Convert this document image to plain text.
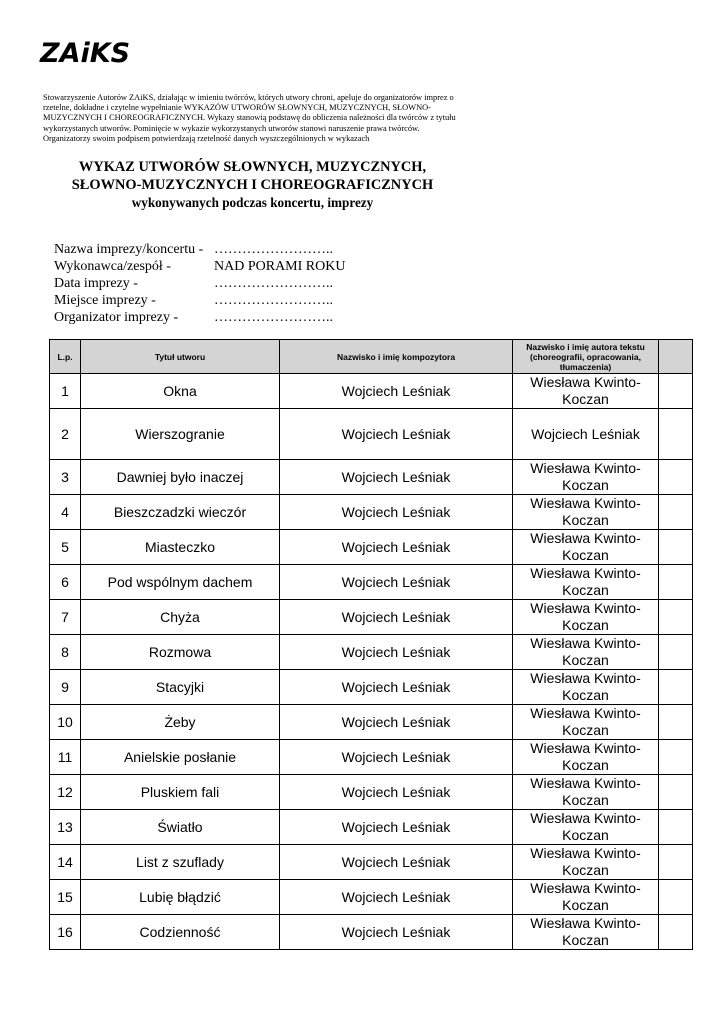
ZAiKS
Stowarzyszenie Autorów ZAiKS, działając w imieniu twórców, których utwory chroni, apeluje do organizatorów imprez o rzetelne, dokładne i czytelne wypełnianie WYKAZÓW UTWORÓW SŁOWNYCH, MUZYCZNYCH, SŁOWNO-MUZYCZNYCH I CHOREOGRAFICZNYCH. Wykazy stanowią podstawę do obliczenia należności dla twórców z tytułu wykorzystanych utworów. Pominięcie w wykazie wykorzystanych utworów stanowi naruszenie prawa twórców. Organizatorzy swoim podpisem potwierdzają rzetelność danych wyszczególnionych w wykazach
WYKAZ UTWORÓW SŁOWNYCH, MUZYCZNYCH,
SŁOWNO-MUZYCZNYCH I CHOREOGRAFICZNYCH
wykonywanych podczas koncertu, imprezy
Nazwa imprezy/koncertu - ……………………..
Wykonawca/zespół -	NAD PORAMI ROKU
Data imprezy -	……………………..
Miejsce imprezy -	……………………..
Organizator imprezy -	……………………..
L.p.	Tytuł utworu	Nazwisko i imię kompozytora	Nazwisko i imię autora tekstu (choreografii, opracowania, tłumaczenia)	
1	Okna	Wojciech Leśniak	Wiesława Kwinto-Koczan	
2	Wierszogranie	Wojciech Leśniak	Wojciech Leśniak	
3	Dawniej było inaczej	Wojciech Leśniak	Wiesława Kwinto-Koczan	
4	Bieszczadzki wieczór	Wojciech Leśniak	Wiesława Kwinto-Koczan	
5	Miasteczko	Wojciech Leśniak	Wiesława Kwinto-Koczan	
6	Pod wspólnym dachem	Wojciech Leśniak	Wiesława Kwinto-Koczan	
7	Chyża	Wojciech Leśniak	Wiesława Kwinto-Koczan	
8	Rozmowa	Wojciech Leśniak	Wiesława Kwinto-Koczan	
9	Stacyjki	Wojciech Leśniak	Wiesława Kwinto-Koczan	
10	Żeby	Wojciech Leśniak	Wiesława Kwinto-Koczan	
11	Anielskie posłanie	Wojciech Leśniak	Wiesława Kwinto-Koczan	
12	Pluskiem fali	Wojciech Leśniak	Wiesława Kwinto-Koczan	
13	Światło	Wojciech Leśniak	Wiesława Kwinto-Koczan	
14	List z szuflady	Wojciech Leśniak	Wiesława Kwinto-Koczan	
15	Lubię błądzić	Wojciech Leśniak	Wiesława Kwinto-Koczan	
16	Codzienność	Wojciech Leśniak	Wiesława Kwinto-Koczan	
